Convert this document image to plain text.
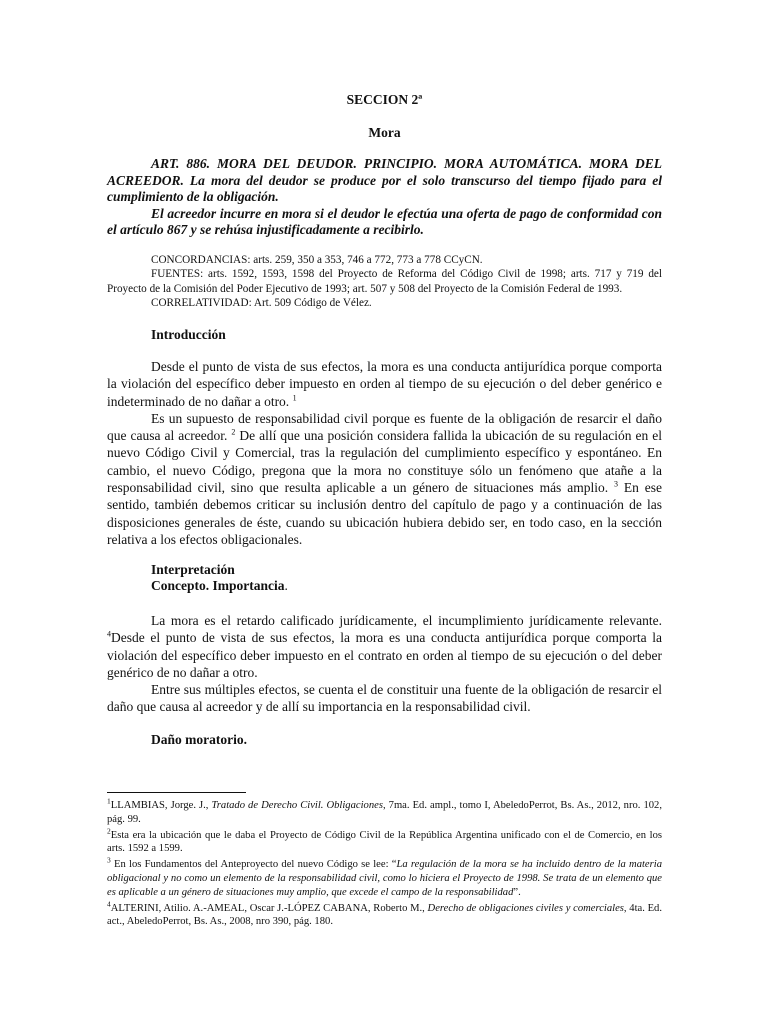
SECCION 2ª
Mora

ART. 886. MORA DEL DEUDOR. PRINCIPIO. MORA AUTOMÁTICA. MORA DEL ACREEDOR. La mora del deudor se produce por el solo transcurso del tiempo fijado para el cumplimiento de la obligación.

El acreedor incurre en mora si el deudor le efectúa una oferta de pago de conformidad con el artículo 867 y se rehúsa injustificadamente a recibirlo.

CONCORDANCIAS: arts. 259, 350 a 353, 746 a 772, 773 a 778 CCyCN.

FUENTES: arts. 1592, 1593, 1598 del Proyecto de Reforma del Código Civil de 1998; arts. 717 y 719 del Proyecto de la Comisión del Poder Ejecutivo de 1993; art. 507 y 508 del Proyecto de la Comisión Federal de 1993.

CORRELATIVIDAD: Art. 509 Código de Vélez.

Introducción

Desde el punto de vista de sus efectos, la mora es una conducta antijurídica porque comporta la violación del específico deber impuesto en orden al tiempo de su ejecución o del deber genérico e indeterminado de no dañar a otro. $^1$

Es un supuesto de responsabilidad civil porque es fuente de la obligación de resarcir el daño que causa al acreedor. $^2$ De allí que una posición considera fallida la ubicación de su regulación en el nuevo Código Civil y Comercial, tras la regulación del cumplimiento específico y espontáneo. En cambio, el nuevo Código, pregona que la mora no constituye sólo un fenómeno que atañe a la responsabilidad civil, sino que resulta aplicable a un género de situaciones más amplio. $^3$ En ese sentido, también debemos criticar su inclusión dentro del capítulo de pago y a continuación de las disposiciones generales de éste, cuando su ubicación hubiera debido ser, en todo caso, en la sección relativa a los efectos obligacionales.

Interpretación
Concepto. Importancia.

La mora es el retardo calificado jurídicamente, el incumplimiento jurídicamente relevante. $^4$Desde el punto de vista de sus efectos, la mora es una conducta antijurídica porque comporta la violación del específico deber impuesto en el contrato en orden al tiempo de su ejecución o del deber genérico de no dañar a otro.

Entre sus múltiples efectos, se cuenta el de constituir una fuente de la obligación de resarcir el daño que causa al acreedor y de allí su importancia en la responsabilidad civil.

Daño moratorio.

$^1$LLAMBIAS, Jorge. J., Tratado de Derecho Civil. Obligaciones, 7ma. Ed. ampl., tomo I, AbeledoPerrot, Bs. As., 2012, nro. 102, pág. 99.

$^2$Esta era la ubicación que le daba el Proyecto de Código Civil de la República Argentina unificado con el de Comercio, en los arts. 1592 a 1599.

$^3$ En los Fundamentos del Anteproyecto del nuevo Código se lee: “La regulación de la mora se ha incluido dentro de la materia obligacional y no como un elemento de la responsabilidad civil, como lo hiciera el Proyecto de 1998. Se trata de un elemento que es aplicable a un género de situaciones muy amplio, que excede el campo de la responsabilidad”.

$^4$ALTERINI, Atilio. A.-AMEAL, Oscar J.-LÓPEZ CABANA, Roberto M., Derecho de obligaciones civiles y comerciales, 4ta. Ed. act., AbeledoPerrot, Bs. As., 2008, nro 390, pág. 180.
